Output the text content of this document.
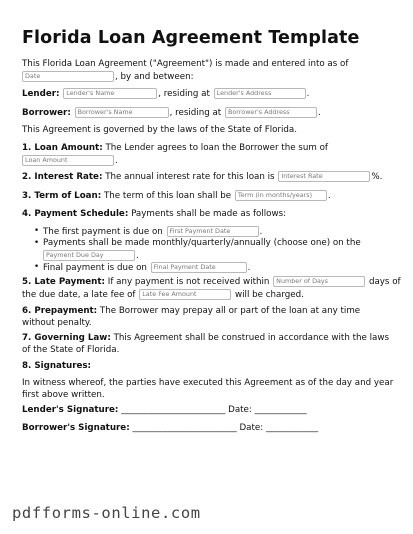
Florida Loan Agreement Template
This Florida Loan Agreement ("Agreement") is made and entered into as of
Date	, by and between:
Lender: Lender's Name	, residing at Lender's Address	.
Borrower: Borrower's Name	, residing at Borrower's Address	.
This Agreement is governed by the laws of the State of Florida.
1. Loan Amount: The Lender agrees to loan the Borrower the sum of
Loan Amount	.
2. Interest Rate: The annual interest rate for this loan is Interest Rate	%.
3. Term of Loan: The term of this loan shall be Term (in months/years) .
4. Payment Schedule: Payments shall be made as follows:
• The first payment is due on First Payment Date	.
• Payments shall be made monthly/quarterly/annually (choose one) on the
Payment Due Day	.
• Final payment is due on Final Payment Date	.
5. Late Payment: If any payment is not received within Number of Days	days of
the due date, a late fee of Late Fee Amount	will be charged.
6. Prepayment: The Borrower may prepay all or part of the loan at any time without penalty.
7. Governing Law: This Agreement shall be construed in accordance with the laws of the State of Florida.
8. Signatures:
In witness whereof, the parties have executed this Agreement as of the day and year first above written.
Lender's Signature: ________________________ Date: ____________
Borrower's Signature: ________________________ Date: ____________
pdfforms-online.com
